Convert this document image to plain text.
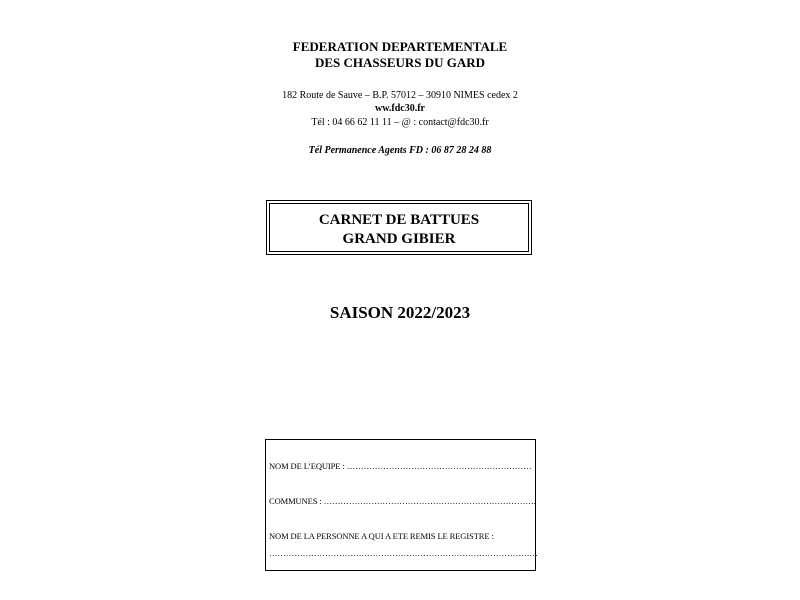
FEDERATION DEPARTEMENTALE
DES CHASSEURS DU GARD
182 Route de Sauve – B.P. 57012 – 30910 NIMES cedex 2
ww.fdc30.fr
Tél : 04 66 62 11 11 – @ : contact@fdc30.fr
Tél Permanence Agents FD : 06 87 28 24 88
CARNET DE BATTUES
GRAND GIBIER
SAISON 2022/2023
NOM DE L’EQUIPE : …………………………………………………………
COMMUNES : ………………………………………………………………….
NOM DE LA PERSONNE A QUI A ETE REMIS LE REGISTRE :
……………………………………………………………………………………
